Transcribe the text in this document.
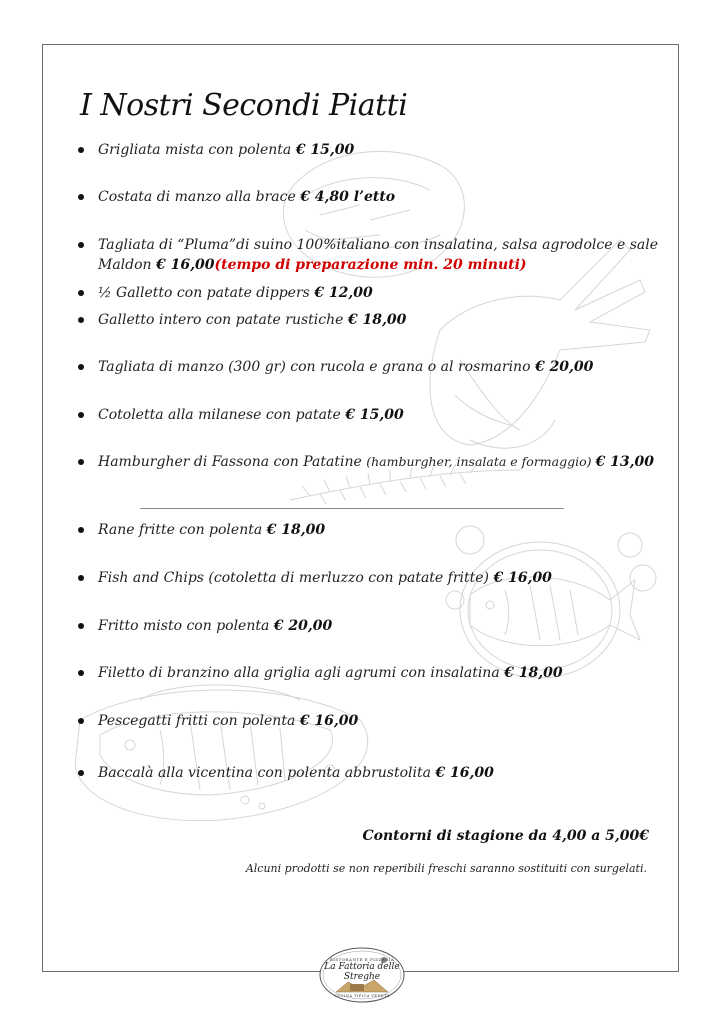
I Nostri Secondi Piatti
Grigliata mista con polenta € 15,00
Costata di manzo alla brace € 4,80 l’etto
Tagliata di “Pluma”di suino 100%italiano con insalatina, salsa agrodolce e sale Maldon € 16,00(tempo di preparazione min. 20 minuti)
½ Galletto con patate dippers € 12,00
Galletto intero con patate rustiche € 18,00
Tagliata di manzo (300 gr) con rucola e grana o al rosmarino € 20,00
Cotoletta alla milanese con patate € 15,00
Hamburgher di Fassona con Patatine (hamburgher, insalata e formaggio) € 13,00
Rane fritte con polenta € 18,00
Fish and Chips (cotoletta di merluzzo con patate fritte) € 16,00
Fritto misto con polenta € 20,00
Filetto di branzino alla griglia agli agrumi con insalatina € 18,00
Pescegatti fritti con polenta € 16,00
Baccalà alla vicentina con polenta abbrustolita € 16,00
Contorni di stagione da 4,00 a 5,00€
Alcuni prodotti se non reperibili freschi saranno sostituiti con surgelati.
RISTORANTE E PIZZERIA
La Fattoria delle Streghe
CUCINA TIPICA VENETA
